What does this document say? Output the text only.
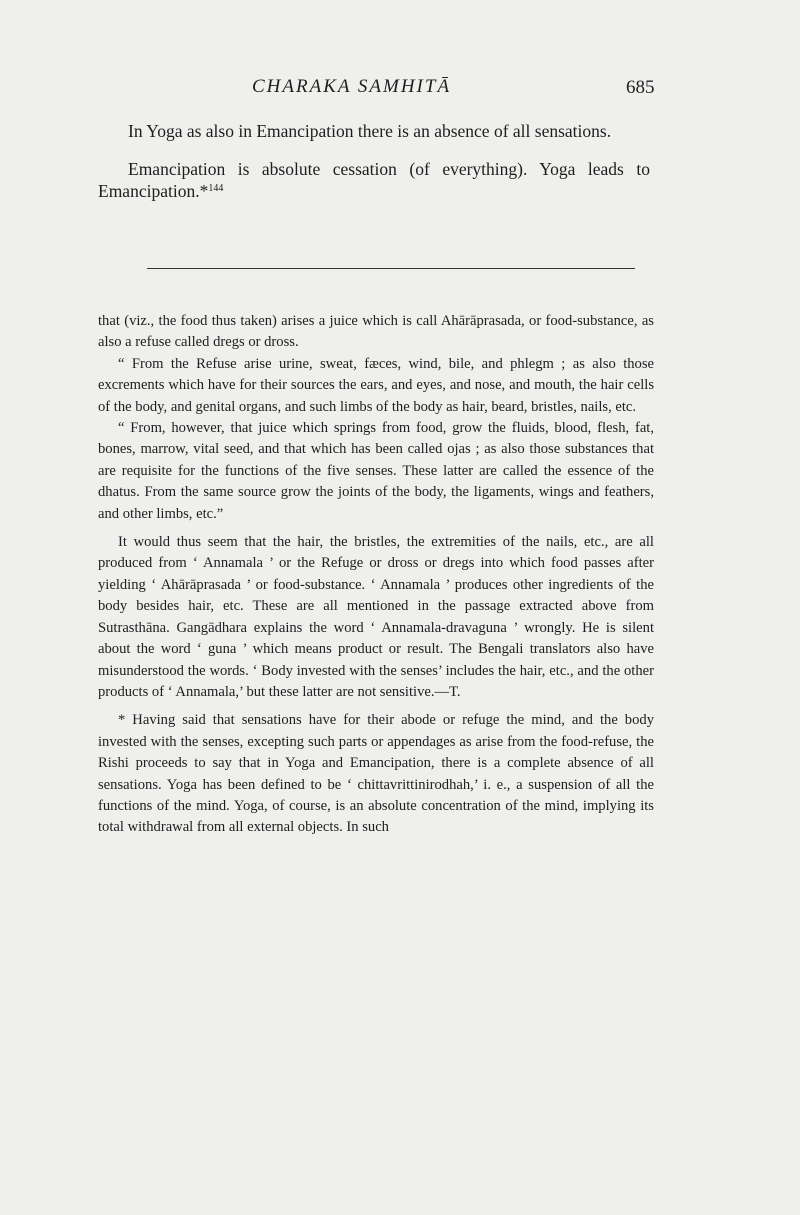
CHARAKA SAMHITĀ	685

In Yoga as also in Emancipation there is an absence of all sensations.

Emancipation is absolute cessation (of everything). Yoga leads to Emancipation.*$^{144}$

that (viz., the food thus taken) arises a juice which is call Ahārāprasada, or food-substance, as also a refuse called dregs or dross.

“ From the Refuse arise urine, sweat, fæces, wind, bile, and phlegm ; as also those excrements which have for their sources the ears, and eyes, and nose, and mouth, the hair cells of the body, and genital organs, and such limbs of the body as hair, beard, bristles, nails, etc.

“ From, however, that juice which springs from food, grow the fluids, blood, flesh, fat, bones, marrow, vital seed, and that which has been called ojas ; as also those substances that are requisite for the functions of the five senses. These latter are called the essence of the dhatus. From the same source grow the joints of the body, the ligaments, wings and feathers, and other limbs, etc.”

It would thus seem that the hair, the bristles, the extremities of the nails, etc., are all produced from ‘ Annamala ’ or the Refuge or dross or dregs into which food passes after yielding ‘ Ahārāprasada ’ or food-substance. ‘ Annamala ’ produces other ingredients of the body besides hair, etc. These are all mentioned in the passage extracted above from Sutrasthāna. Gangādhara explains the word ‘ Annamala-dravaguna ’ wrongly. He is silent about the word ‘ guna ’ which means product or result. The Bengali translators also have misunderstood the words. ‘ Body invested with the senses’ includes the hair, etc., and the other products of ‘ Annamala,’ but these latter are not sensitive.—T.

* Having said that sensations have for their abode or refuge the mind, and the body invested with the senses, excepting such parts or appendages as arise from the food-refuse, the Rishi proceeds to say that in Yoga and Emancipation, there is a complete absence of all sensations. Yoga has been defined to be ‘ chittavrittinirodhah,’ i. e., a suspension of all the functions of the mind. Yoga, of course, is an absolute concentration of the mind, implying its total withdrawal from all external objects. In such
